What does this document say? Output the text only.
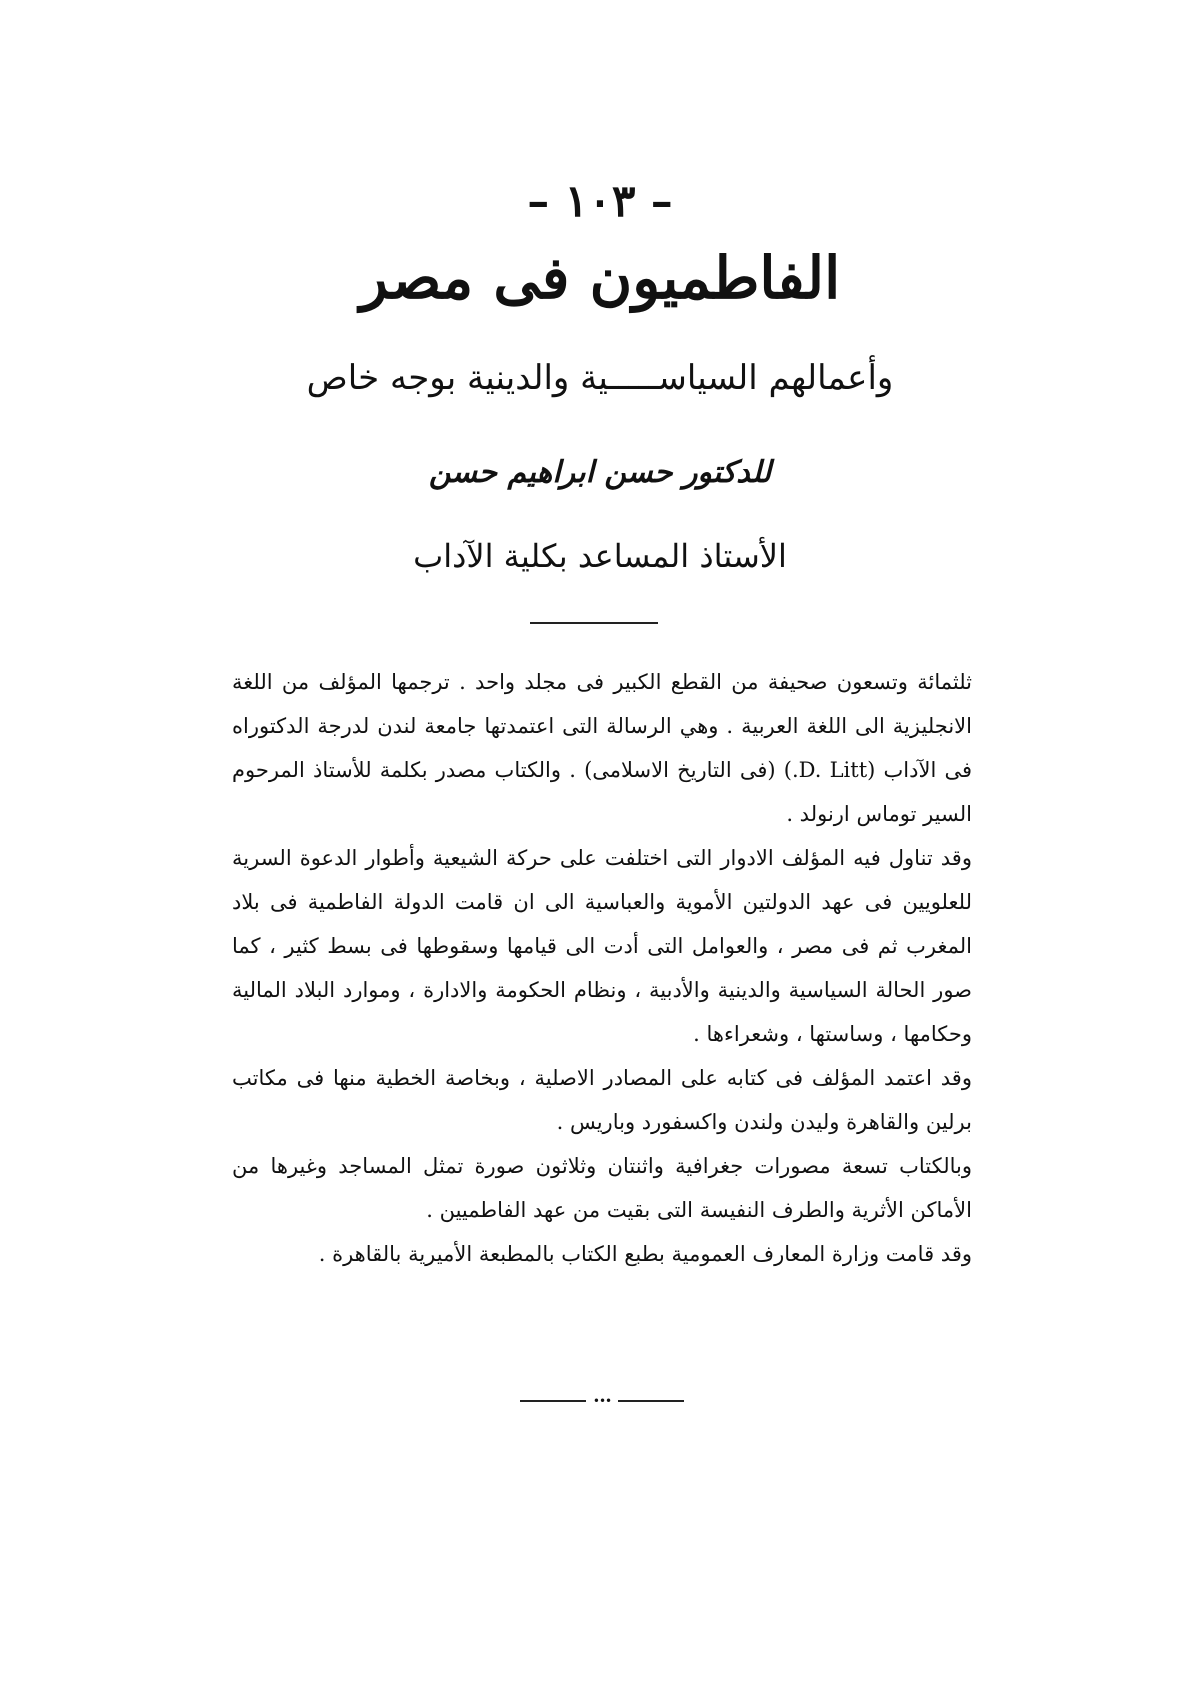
– ١٠٣ –
الفاطميون فى مصر
وأعمالهم السياســـــية والدينية بوجه خاص
للدكتور حسن ابراهيم حسن
الأستاذ المساعد بكلية الآداب

ثلثمائة وتسعون صحيفة من القطع الكبير فى مجلد واحد . ترجمها المؤلف من اللغة الانجليزية الى اللغة العربية . وهي الرسالة التى اعتمدتها جامعة لندن لدرجة الدكتوراه فى الآداب (D. Litt.) (فى التاريخ الاسلامى) . والكتاب مصدر بكلمة للأستاذ المرحوم السير توماس ارنولد .

وقد تناول فيه المؤلف الادوار التى اختلفت على حركة الشيعية وأطوار الدعوة السرية للعلويين فى عهد الدولتين الأموية والعباسية الى ان قامت الدولة الفاطمية فى بلاد المغرب ثم فى مصر ، والعوامل التى أدت الى قيامها وسقوطها فى بسط كثير ، كما صور الحالة السياسية والدينية والأدبية ، ونظام الحكومة والادارة ، وموارد البلاد المالية وحكامها ، وساستها ، وشعراءها .

وقد اعتمد المؤلف فى كتابه على المصادر الاصلية ، وبخاصة الخطية منها فى مكاتب برلين والقاهرة وليدن ولندن واكسفورد وباريس .

وبالكتاب تسعة مصورات جغرافية واثنتان وثلاثون صورة تمثل المساجد وغيرها من الأماكن الأثرية والطرف النفيسة التى بقيت من عهد الفاطميين .

وقد قامت وزارة المعارف العمومية بطبع الكتاب بالمطبعة الأميرية بالقاهرة .

•••
